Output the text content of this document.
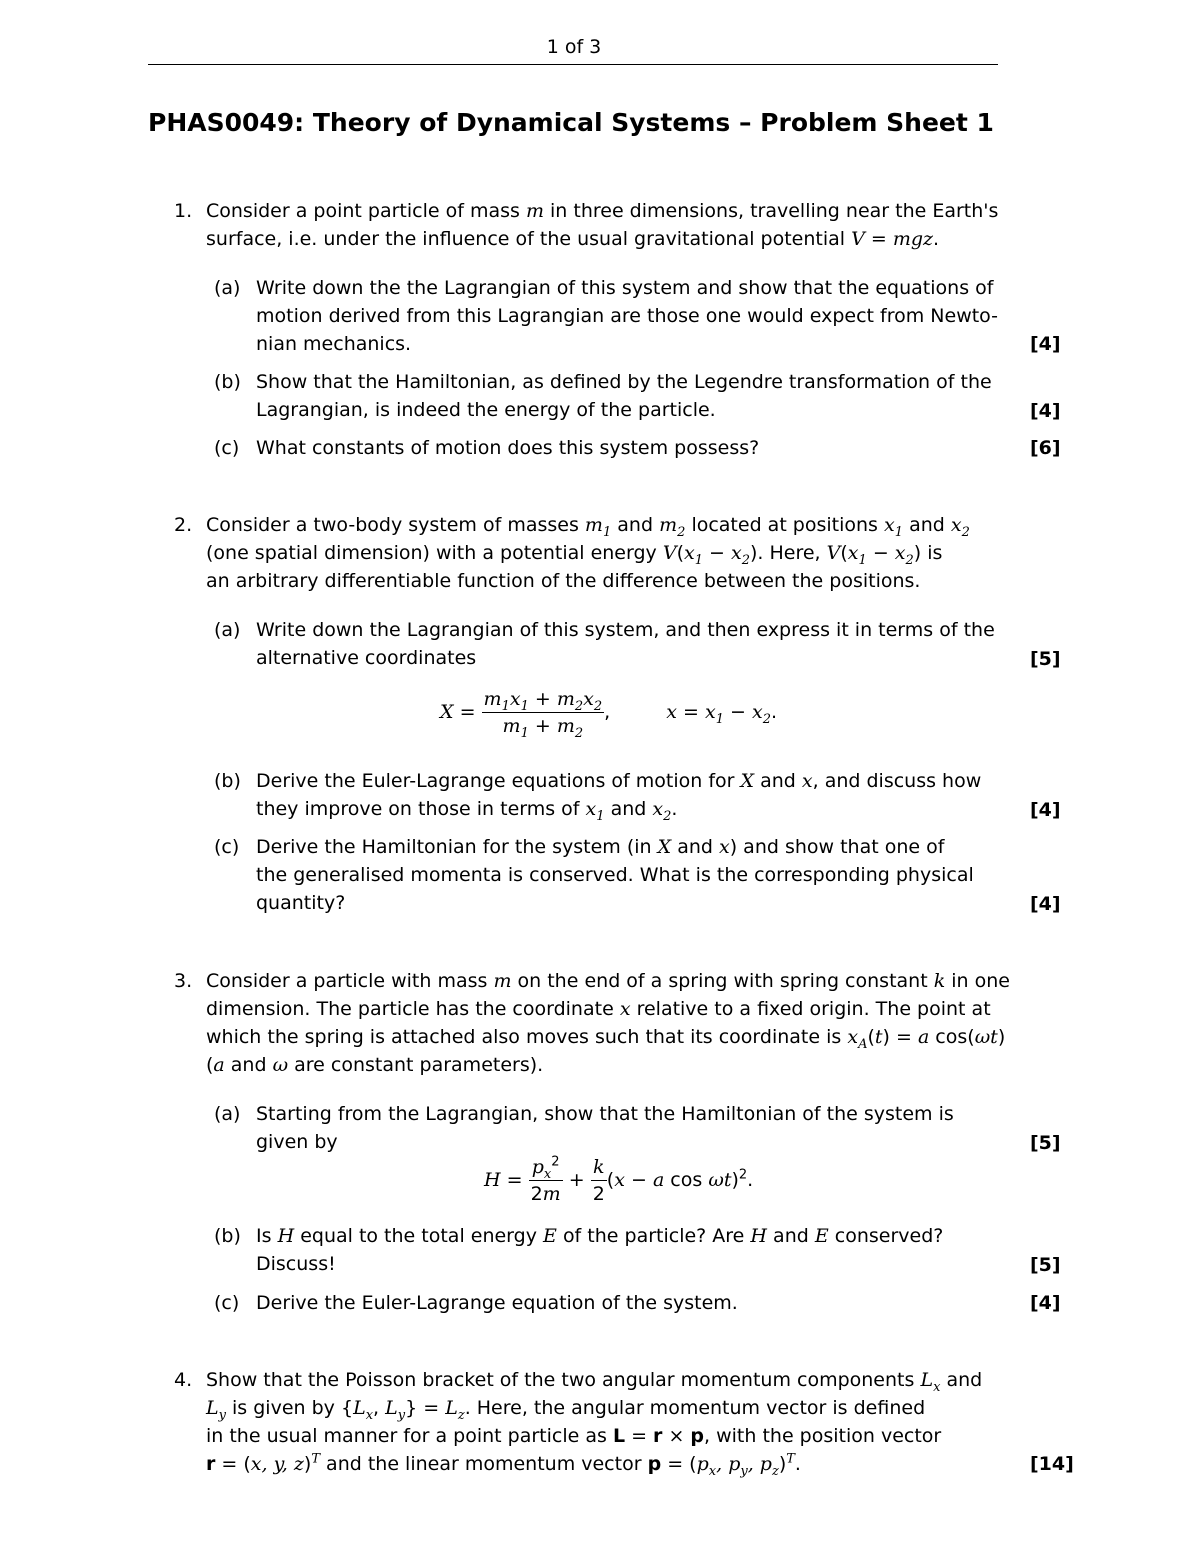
1 of 3
PHAS0049: Theory of Dynamical Systems – Problem Sheet 1
1. Consider a point particle of mass m in three dimensions, travelling near the Earth's
surface, i.e. under the influence of the usual gravitational potential V = mgz.
(a) Write down the the Lagrangian of this system and show that the equations of
motion derived from this Lagrangian are those one would expect from Newto-
nian mechanics.	[4]
(b) Show that the Hamiltonian, as defined by the Legendre transformation of the
Lagrangian, is indeed the energy of the particle.	[4]
(c) What constants of motion does this system possess?	[6]
2. Consider a two-body system of masses $m_1$ and $m_2$ located at positions $x_1$ and $x_2$
(one spatial dimension) with a potential energy $V(x_1 - x_2)$. Here, $V(x_1 - x_2)$ is
an arbitrary differentiable function of the difference between the positions.
(a) Write down the Lagrangian of this system, and then express it in terms of the
alternative coordinates	[5]
$X = \frac{m_1x_1 + m_2x_2}{m_1 + m_2}$ ,	$x = x_1 - x_2$.
(b) Derive the Euler-Lagrange equations of motion for X and x, and discuss how
they improve on those in terms of $x_1$ and $x_2$.	[4]
(c) Derive the Hamiltonian for the system (in X and x) and show that one of
the generalised momenta is conserved. What is the corresponding physical
quantity?	[4]
3. Consider a particle with mass m on the end of a spring with spring constant k in one
dimension. The particle has the coordinate x relative to a fixed origin. The point at
which the spring is attached also moves such that its coordinate is $x_A(t) = a$ cos(ωt)
(a and ω are constant parameters).
(a) Starting from the Lagrangian, show that the Hamiltonian of the system is
given by	[5]
$H = \frac{p_x^2}{2m} + \frac{k}{2} (x - a$ cos ωt)$^2$.
(b) Is H equal to the total energy E of the particle? Are H and E conserved?
Discuss!	[5]
(c) Derive the Euler-Lagrange equation of the system.	[4]
4. Show that the Poisson bracket of the two angular momentum components $L_x$ and
$L_y$ is given by {$L_x$, $L_y\} = L_z$. Here, the angular momentum vector is defined
in the usual manner for a point particle as L = r × p, with the position vector
r = (x, y, z)$^T$ and the linear momentum vector $p = (p_x$, $p_y$, $p_z)^T$.	[14]
